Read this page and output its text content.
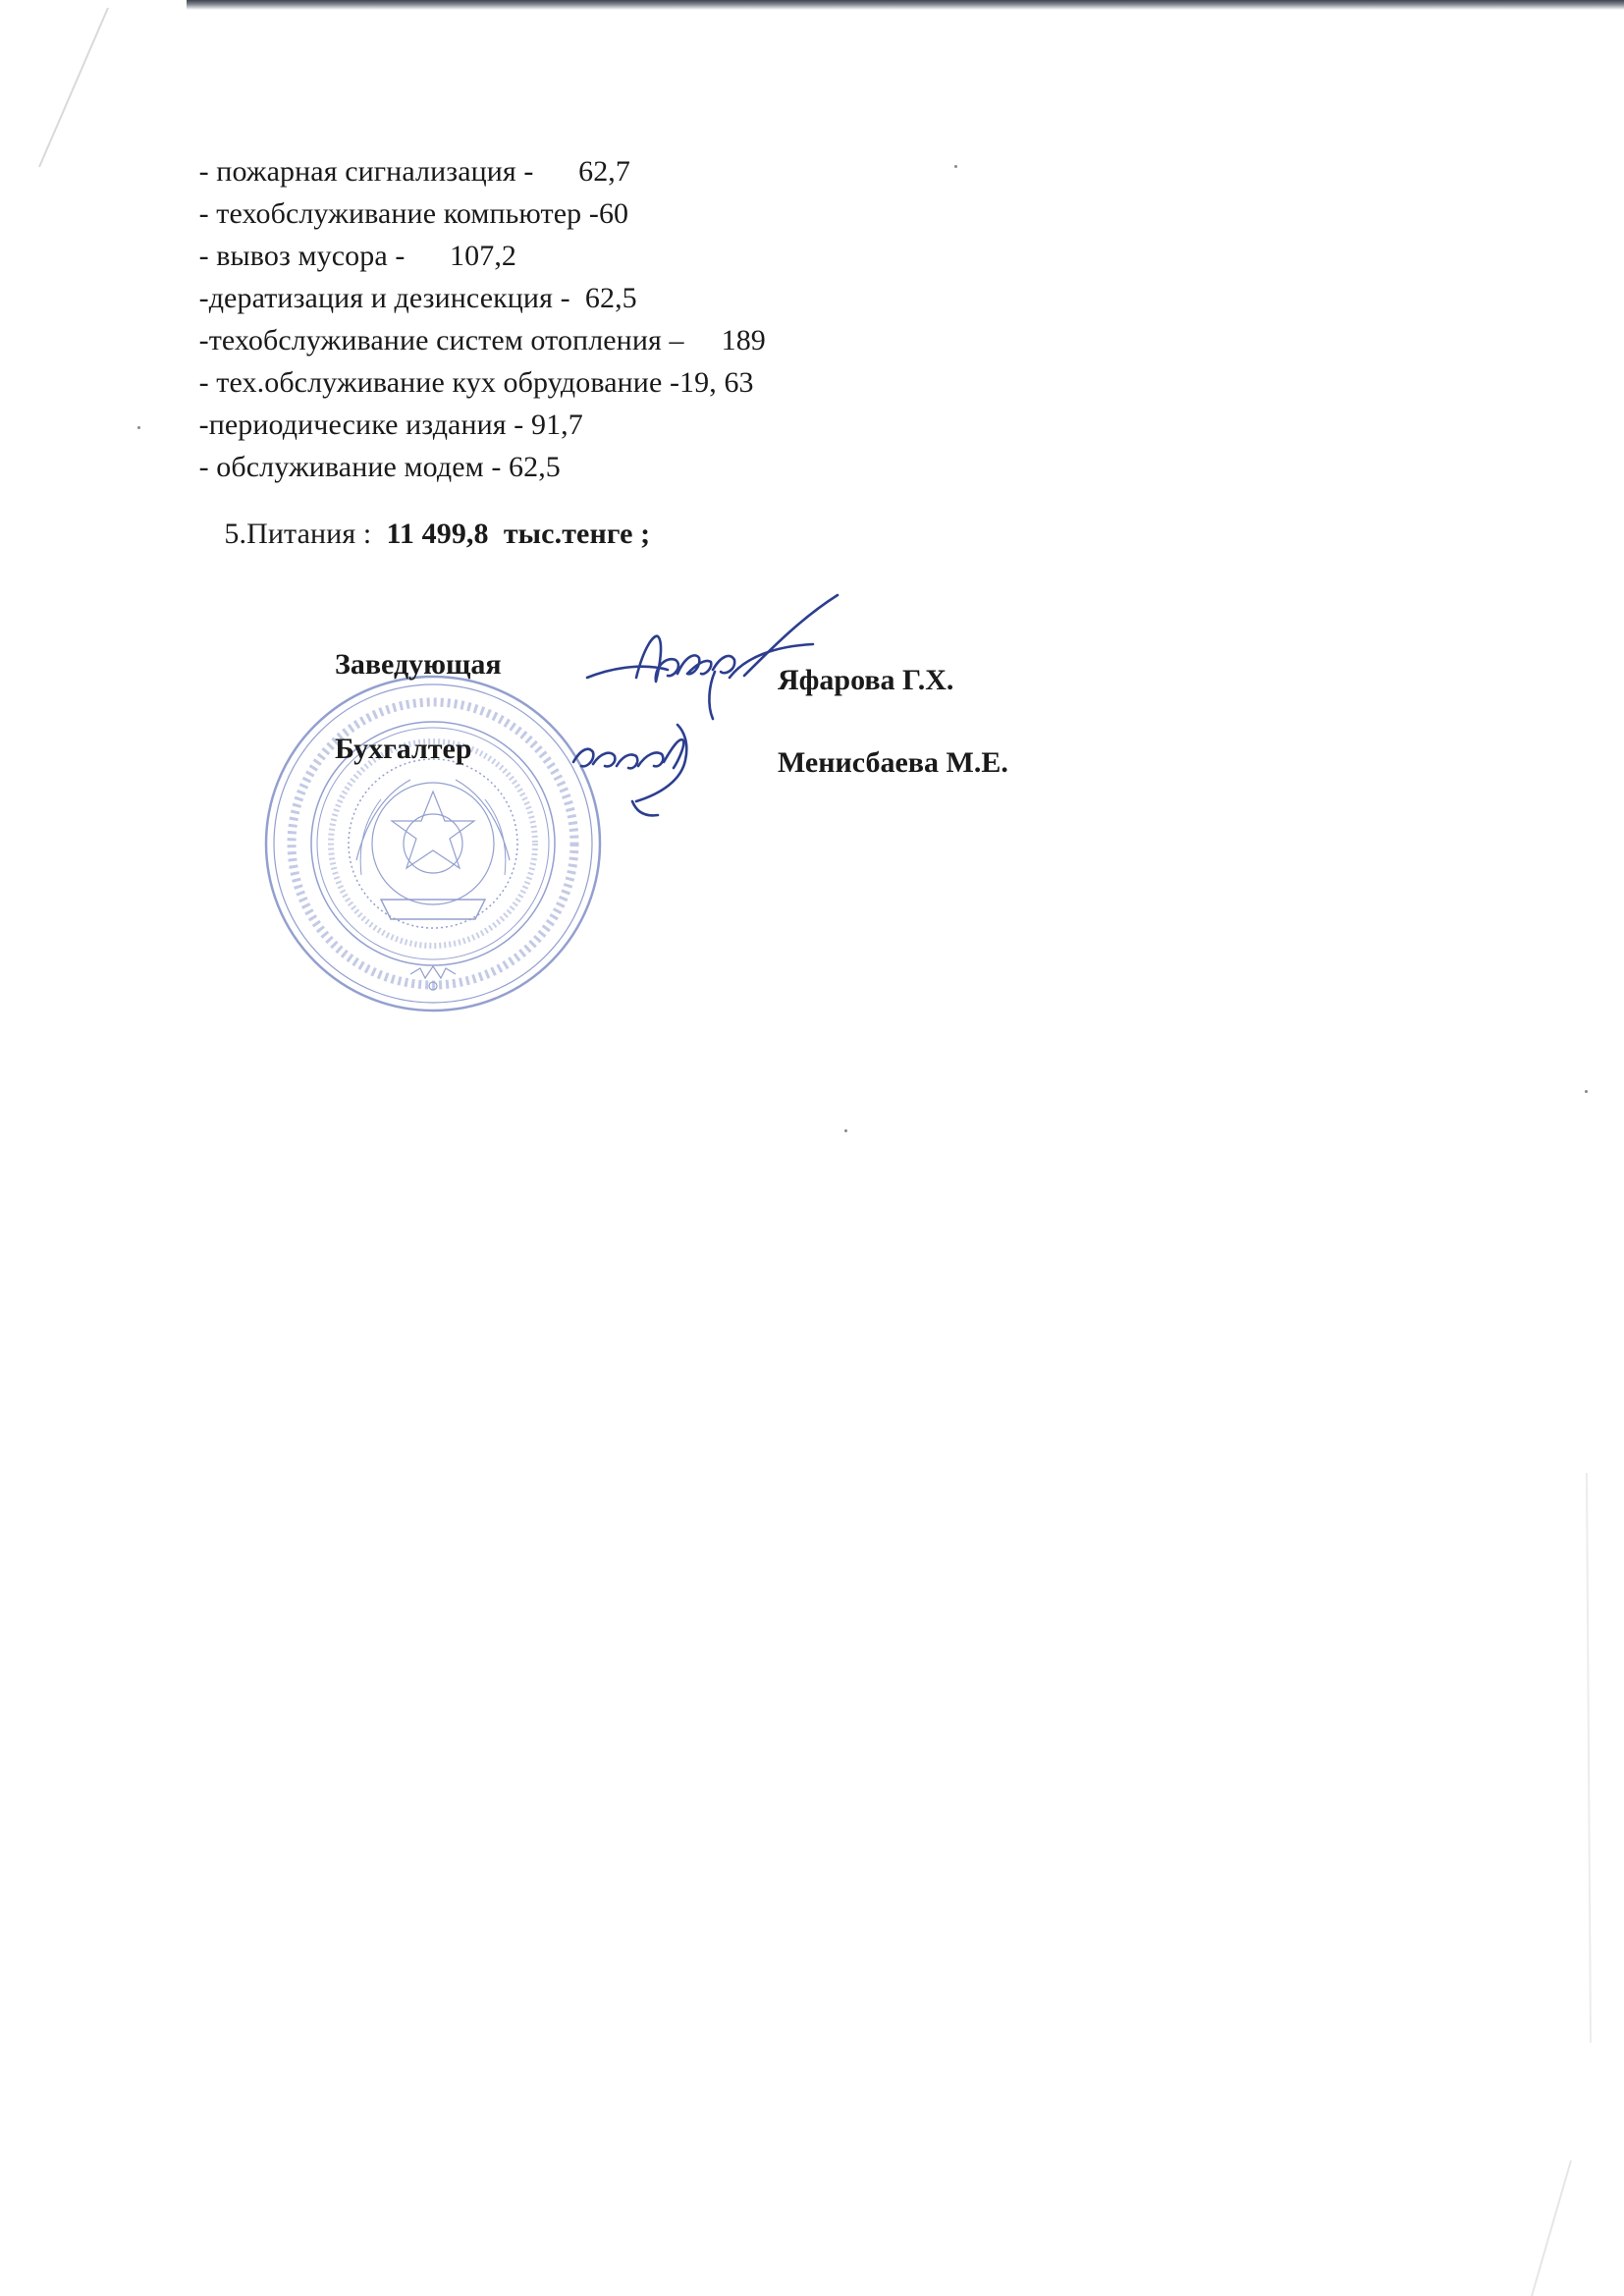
- пожарная сигнализация -      62,7
- техобслуживание компьютер -60
- вывоз мусора -      107,2
-дератизация и дезинсекция -  62,5
-техобслуживание систем отопления –     189
- тех.обслуживание кух обрудование -19, 63
-периодичесике издания - 91,7
- обслуживание модем - 62,5

5.Питания :  11 499,8  тыс.тенге ;

Заведующая	Яфарова Г.Х.
Бухгалтер	Менисбаева М.Е.
